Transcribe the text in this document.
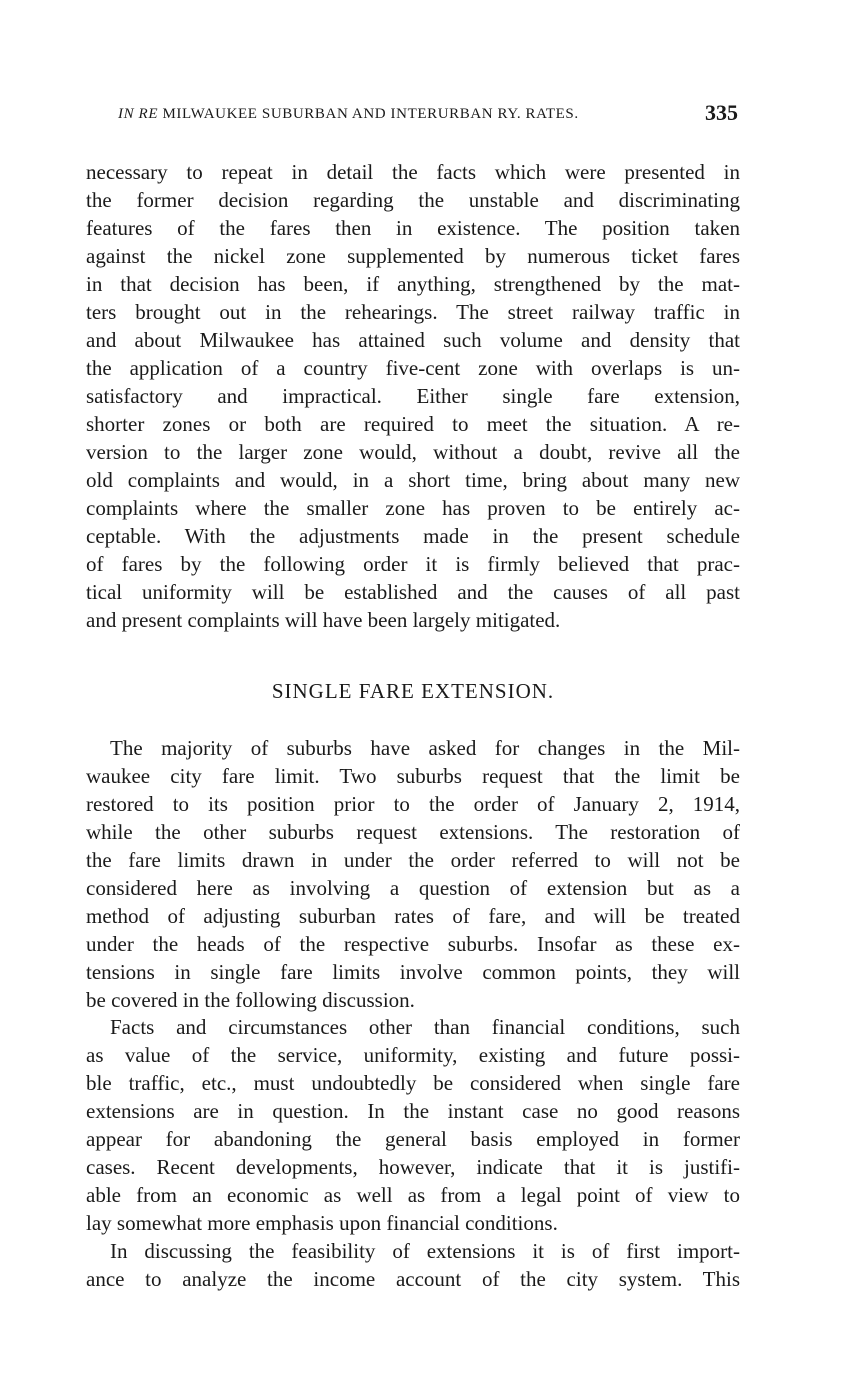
IN RE MILWAUKEE SUBURBAN AND INTERURBAN RY. RATES.	335
necessary to repeat in detail the facts which were presented in
the former decision regarding the unstable and discriminating
features of the fares then in existence. The position taken
against the nickel zone supplemented by numerous ticket fares
in that decision has been, if anything, strengthened by the mat-
ters brought out in the rehearings. The street railway traffic in
and about Milwaukee has attained such volume and density that
the application of a country five-cent zone with overlaps is un-
satisfactory and impractical. Either single fare extension,
shorter zones or both are required to meet the situation. A re-
version to the larger zone would, without a doubt, revive all the
old complaints and would, in a short time, bring about many new
complaints where the smaller zone has proven to be entirely ac-
ceptable. With the adjustments made in the present schedule
of fares by the following order it is firmly believed that prac-
tical uniformity will be established and the causes of all past
and present complaints will have been largely mitigated.
SINGLE FARE EXTENSION.
The majority of suburbs have asked for changes in the Mil-
waukee city fare limit. Two suburbs request that the limit be
restored to its position prior to the order of January 2, 1914,
while the other suburbs request extensions. The restoration of
the fare limits drawn in under the order referred to will not be
considered here as involving a question of extension but as a
method of adjusting suburban rates of fare, and will be treated
under the heads of the respective suburbs. Insofar as these ex-
tensions in single fare limits involve common points, they will
be covered in the following discussion.
Facts and circumstances other than financial conditions, such
as value of the service, uniformity, existing and future possi-
ble traffic, etc., must undoubtedly be considered when single fare
extensions are in question. In the instant case no good reasons
appear for abandoning the general basis employed in former
cases. Recent developments, however, indicate that it is justifi-
able from an economic as well as from a legal point of view to
lay somewhat more emphasis upon financial conditions.
In discussing the feasibility of extensions it is of first import-
ance to analyze the income account of the city system. This
